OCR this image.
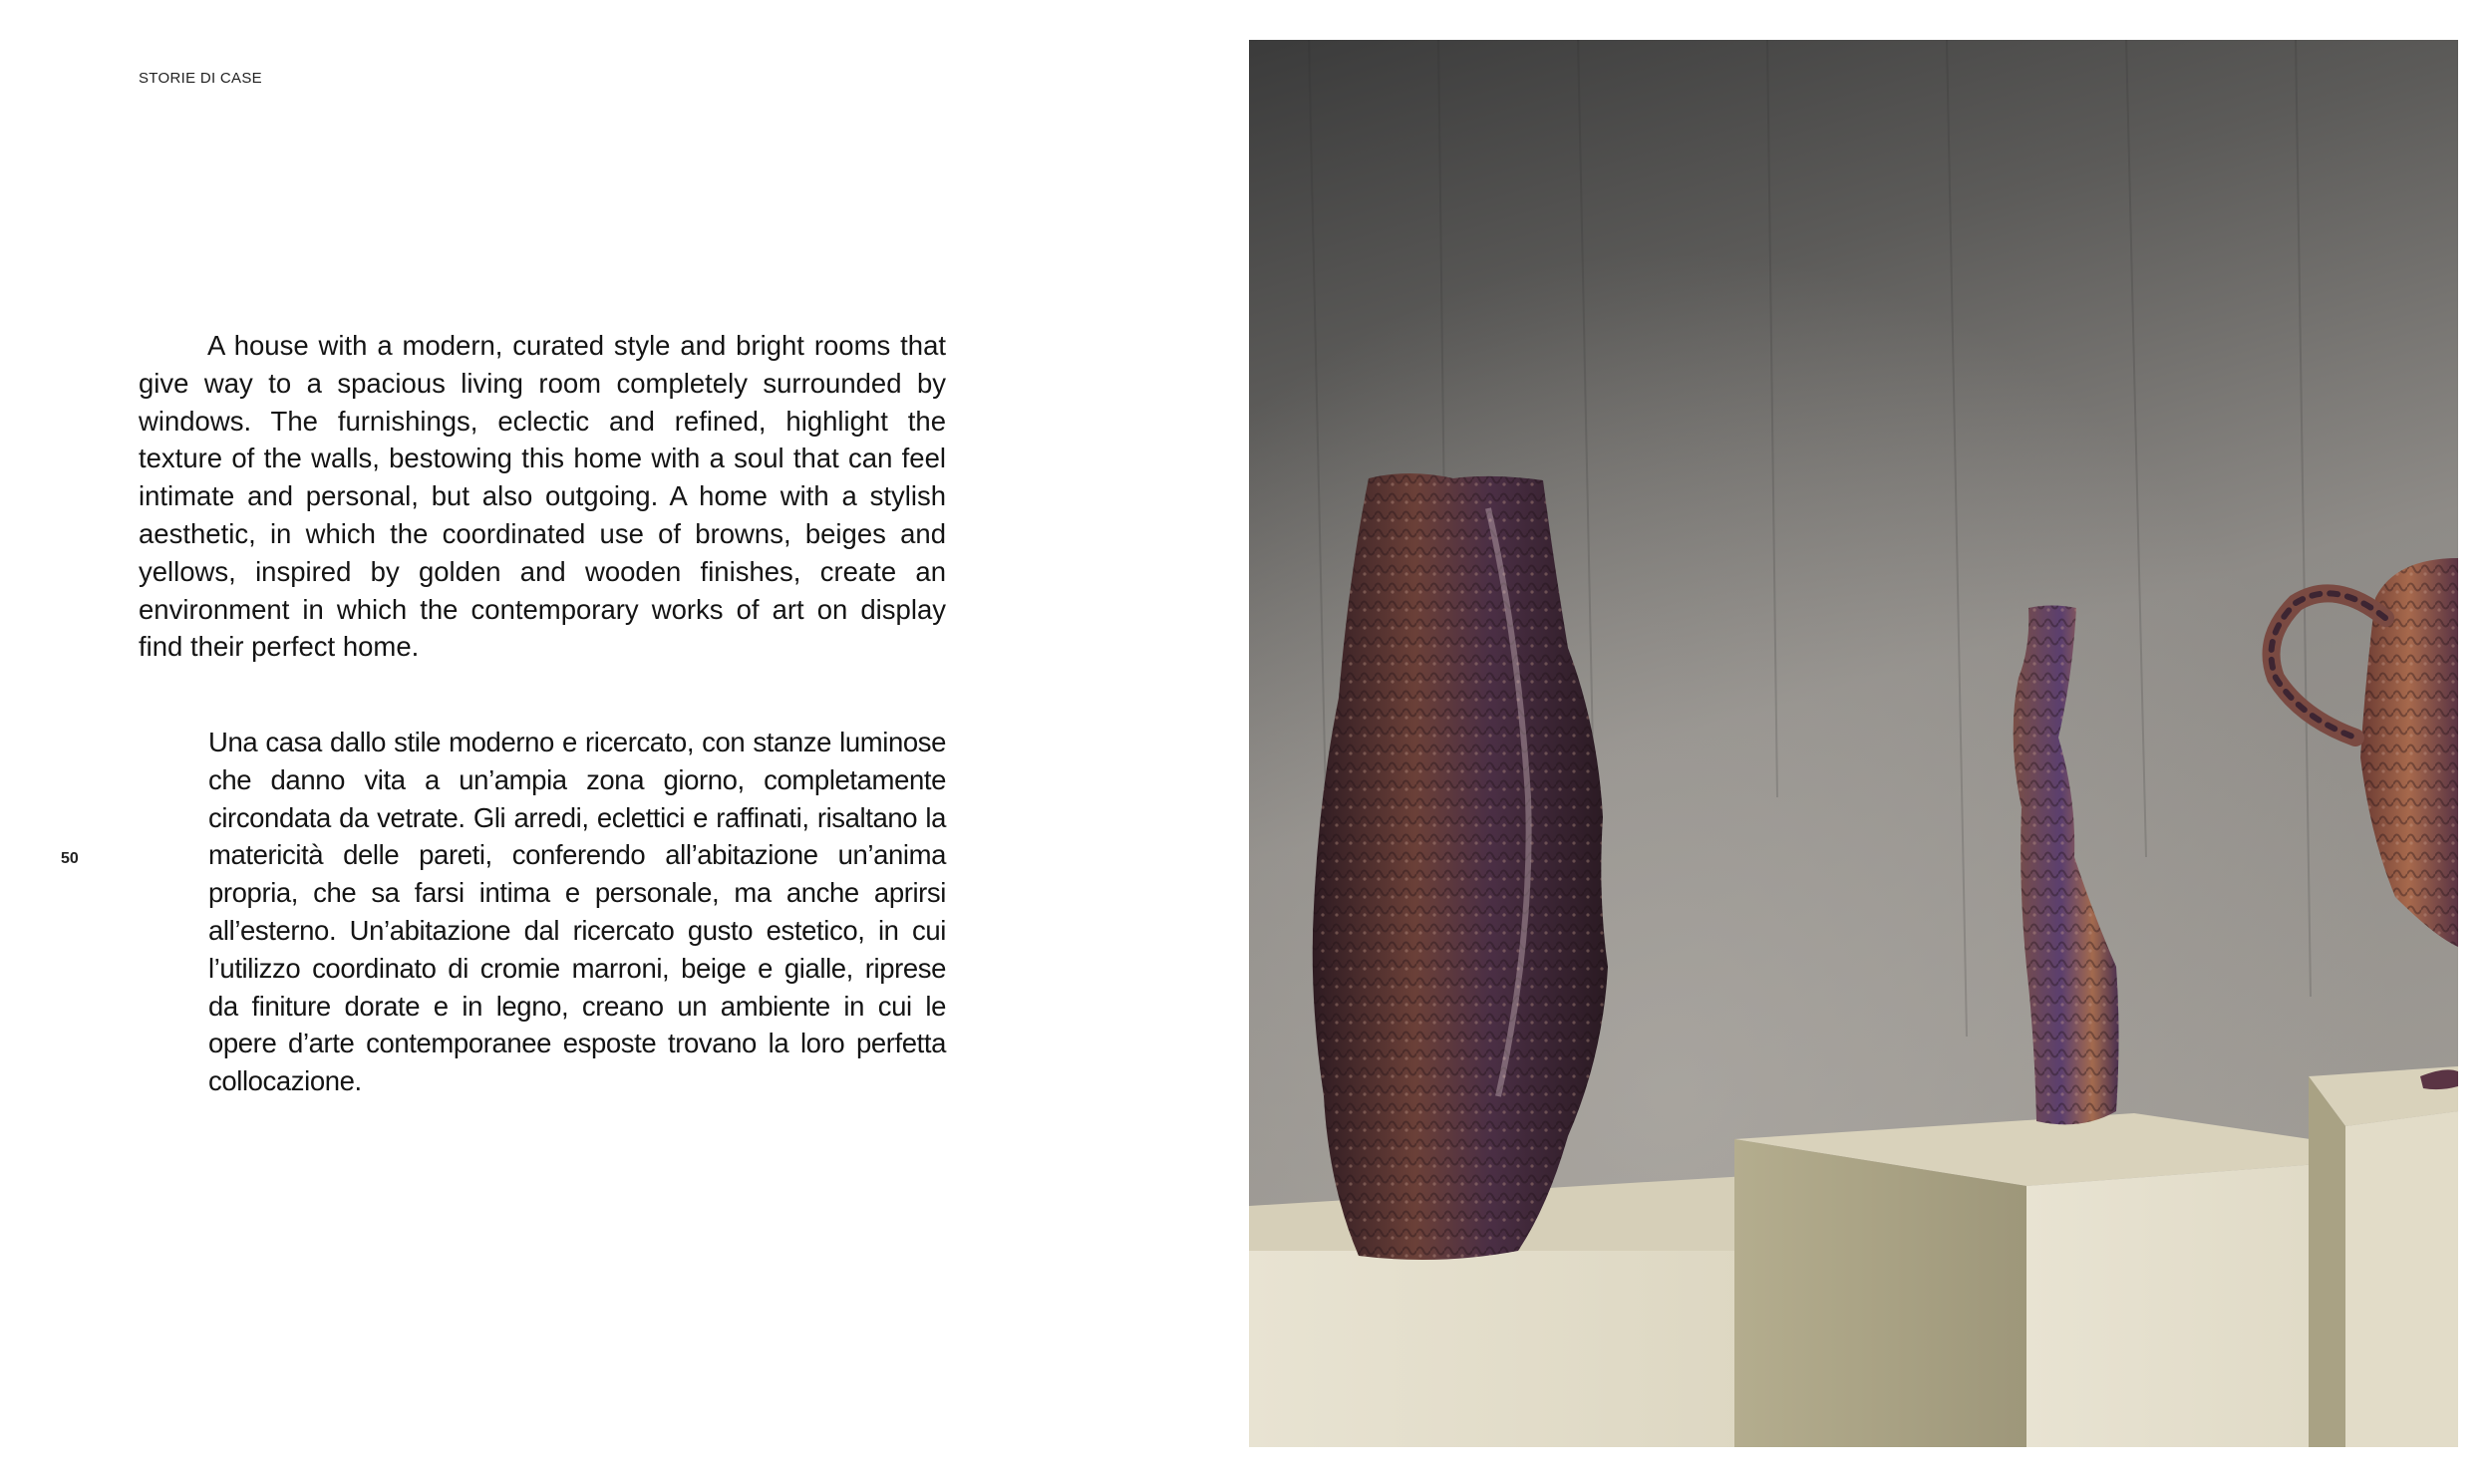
STORIE DI CASE
50

A house with a modern, curated style and bright rooms that give way to a spacious living room completely surrounded by windows. The furnishings, eclectic and refined, highlight the texture of the walls, bestowing this home with a soul that can feel intimate and personal, but also outgoing. A home with a stylish aesthetic, in which the coordinated use of browns, beiges and yellows, inspired by golden and wooden finishes, create an environment in which the contemporary works of art on display find their perfect home.

Una casa dallo stile moderno e ricercato, con stanze luminose che danno vita a un’ampia zona giorno, completamente circondata da vetrate. Gli arredi, eclettici e raffinati, risaltano la matericità delle pareti, conferendo all’abitazione un’anima propria, che sa farsi intima e personale, ma anche aprirsi all’esterno. Un’abitazione dal ricercato gusto estetico, in cui l’utilizzo coordinato di cromie marroni, beige e gialle, riprese da finiture dorate e in legno, creano un ambiente in cui le opere d’arte contemporanee esposte trovano la loro perfetta collocazione.
